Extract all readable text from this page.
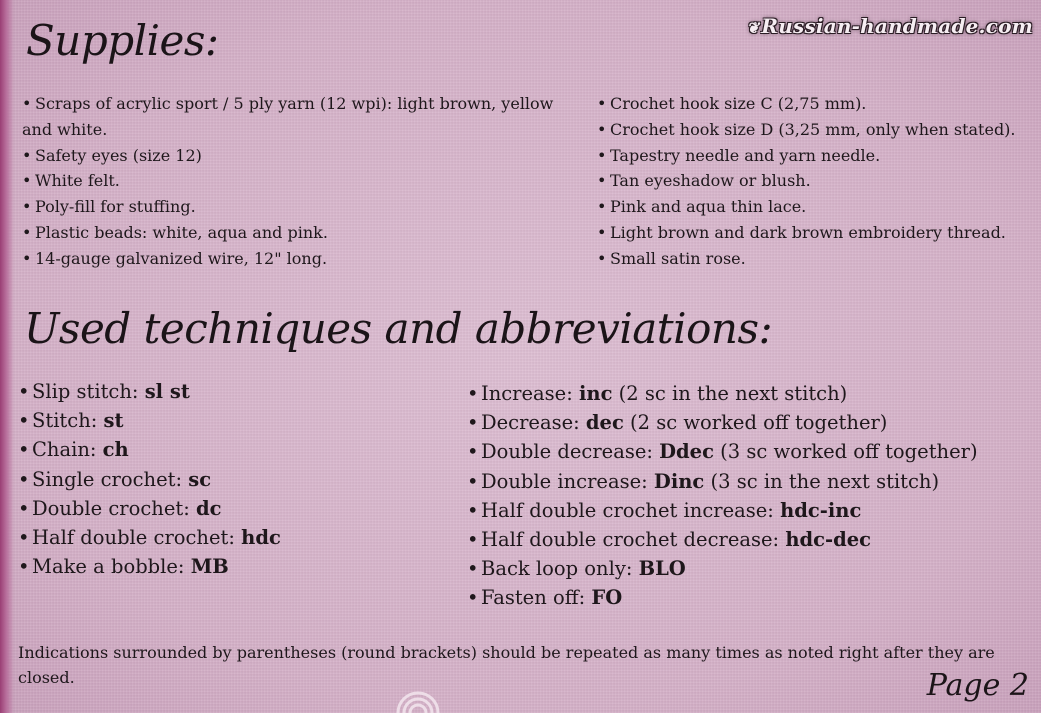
❦ Russian-handmade.com
Supplies:
• Scraps of acrylic sport / 5 ply yarn (12 wpi): light brown, yellow and white.
• Safety eyes (size 12)
• White felt.
• Poly-fill for stuffing.
• Plastic beads: white, aqua and pink.
• 14-gauge galvanized wire, 12" long.
• Crochet hook size C (2,75 mm).
• Crochet hook size D (3,25 mm, only when stated).
• Tapestry needle and yarn needle.
• Tan eyeshadow or blush.
• Pink and aqua thin lace.
• Light brown and dark brown embroidery thread.
• Small satin rose.
Used techniques and abbreviations:
• Slip stitch: sl st
• Stitch: st
• Chain: ch
• Single crochet: sc
• Double crochet: dc
• Half double crochet: hdc
• Make a bobble: MB
• Increase: inc (2 sc in the next stitch)
• Decrease: dec (2 sc worked off together)
• Double decrease: Ddec (3 sc worked off together)
• Double increase: Dinc (3 sc in the next stitch)
• Half double crochet increase: hdc-inc
• Half double crochet decrease: hdc-dec
• Back loop only: BLO
• Fasten off: FO

Indications surrounded by parentheses (round brackets) should be repeated as many times as noted right after they are closed.	Page 2
